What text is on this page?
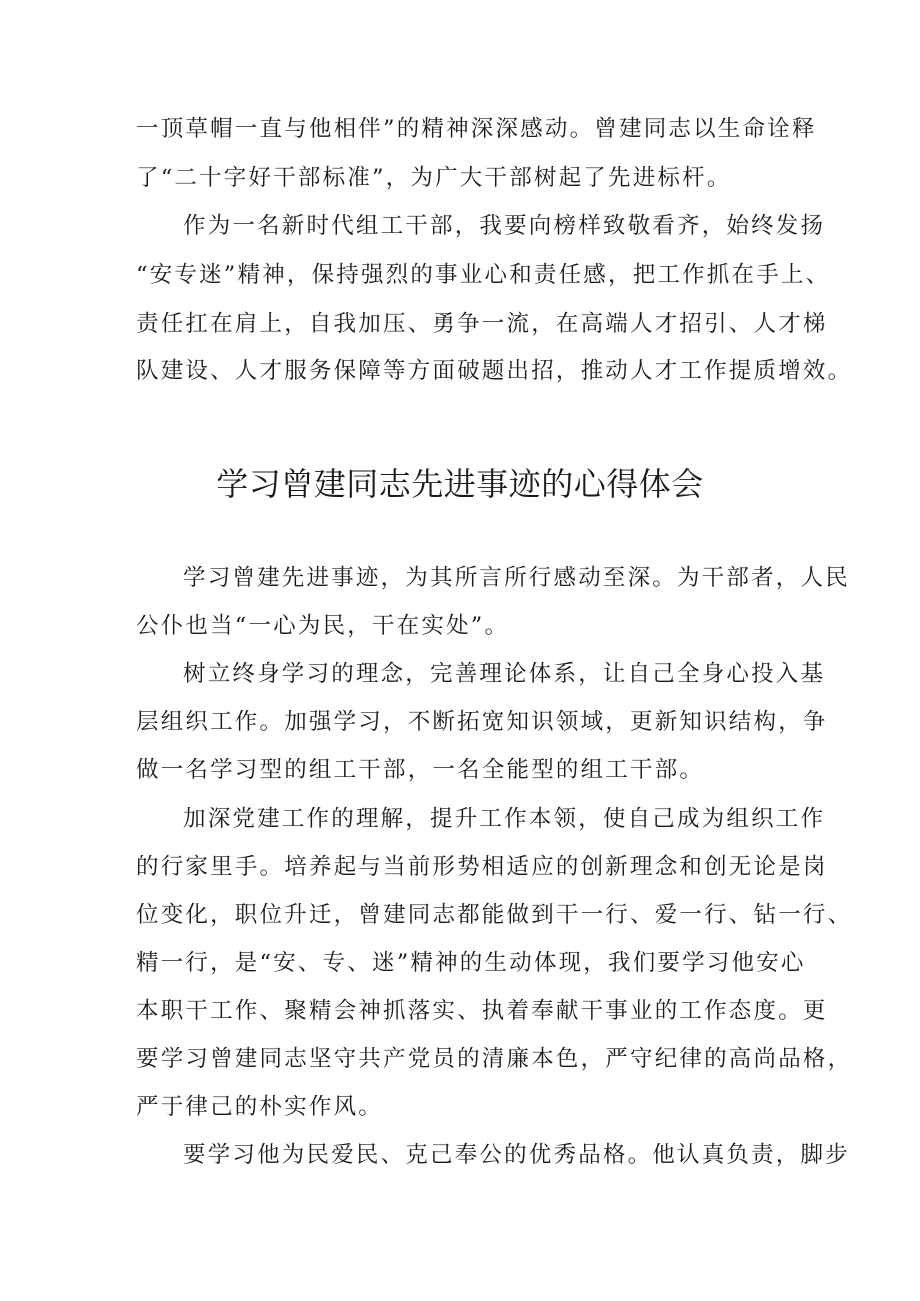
一顶草帽一直与他相伴”的精神深深感动。曾建同志以生命诠释
了“二十字好干部标准”，为广大干部树起了先进标杆。
作为一名新时代组工干部，我要向榜样致敬看齐，始终发扬
“安专迷”精神，保持强烈的事业心和责任感，把工作抓在手上、
责任扛在肩上，自我加压、勇争一流，在高端人才招引、人才梯
队建设、人才服务保障等方面破题出招，推动人才工作提质增效。
学习曾建同志先进事迹的心得体会
学习曾建先进事迹，为其所言所行感动至深。为干部者，人民
公仆也当“一心为民，干在实处”。
树立终身学习的理念，完善理论体系，让自己全身心投入基
层组织工作。加强学习，不断拓宽知识领域，更新知识结构，争
做一名学习型的组工干部，一名全能型的组工干部。
加深党建工作的理解，提升工作本领，使自己成为组织工作
的行家里手。培养起与当前形势相适应的创新理念和创无论是岗
位变化，职位升迁，曾建同志都能做到干一行、爱一行、钻一行、
精一行，是“安、专、迷”精神的生动体现，我们要学习他安心
本职干工作、聚精会神抓落实、执着奉献干事业的工作态度。更
要学习曾建同志坚守共产党员的清廉本色，严守纪律的高尚品格，
严于律己的朴实作风。
要学习他为民爱民、克己奉公的优秀品格。他认真负责，脚步
